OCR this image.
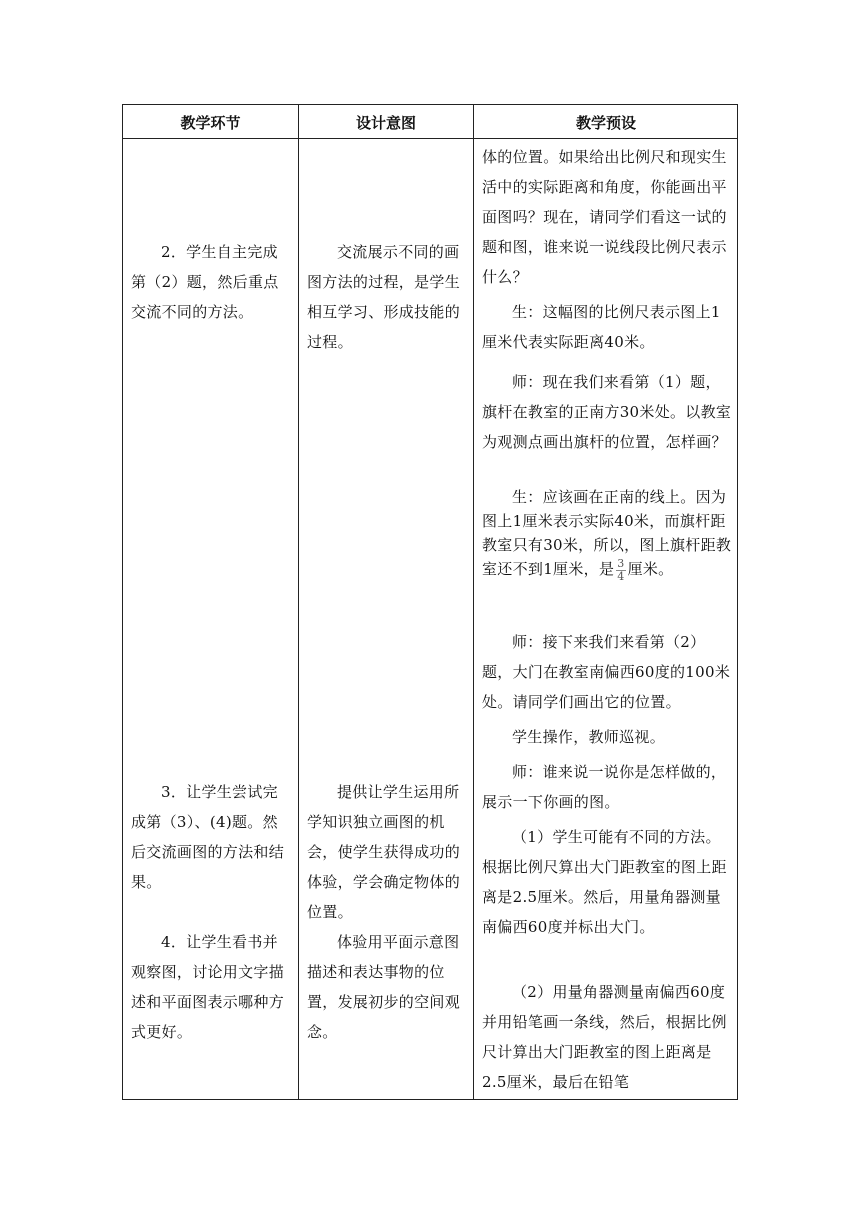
教学环节	设计意图	教学预设

2．学生自主完成第（2）题，然后重点交流不同的方法。

3．让学生尝试完成第（3）、(4)题。然后交流画图的方法和结果。

4．让学生看书并观察图，讨论用文字描述和平面图表示哪种方式更好。

交流展示不同的画图方法的过程，是学生相互学习、形成技能的过程。

提供让学生运用所学知识独立画图的机会，使学生获得成功的体验，学会确定物体的位置。

体验用平面示意图描述和表达事物的位置，发展初步的空间观念。

体的位置。如果给出比例尺和现实生活中的实际距离和角度，你能画出平面图吗？现在，请同学们看这一试的题和图，谁来说一说线段比例尺表示什么？

生：这幅图的比例尺表示图上1厘米代表实际距离40米。

师：现在我们来看第（1）题，旗杆在教室的正南方30米处。以教室为观测点画出旗杆的位置，怎样画？

生：应该画在正南的线上。因为图上1厘米表示实际40米，而旗杆距教室只有30米，所以，图上旗杆距教室还不到1厘米，是 $\frac{3}{4}$ 厘米。

师：接下来我们来看第（2）题，大门在教室南偏西60度的100米处。请同学们画出它的位置。

学生操作，教师巡视。

师：谁来说一说你是怎样做的，展示一下你画的图。

（1）学生可能有不同的方法。根据比例尺算出大门距教室的图上距离是2.5厘米。然后，用量角器测量南偏西60度并标出大门。

（2）用量角器测量南偏西60度并用铅笔画一条线，然后，根据比例尺计算出大门距教室的图上距离是2.5厘米，最后在铅笔
